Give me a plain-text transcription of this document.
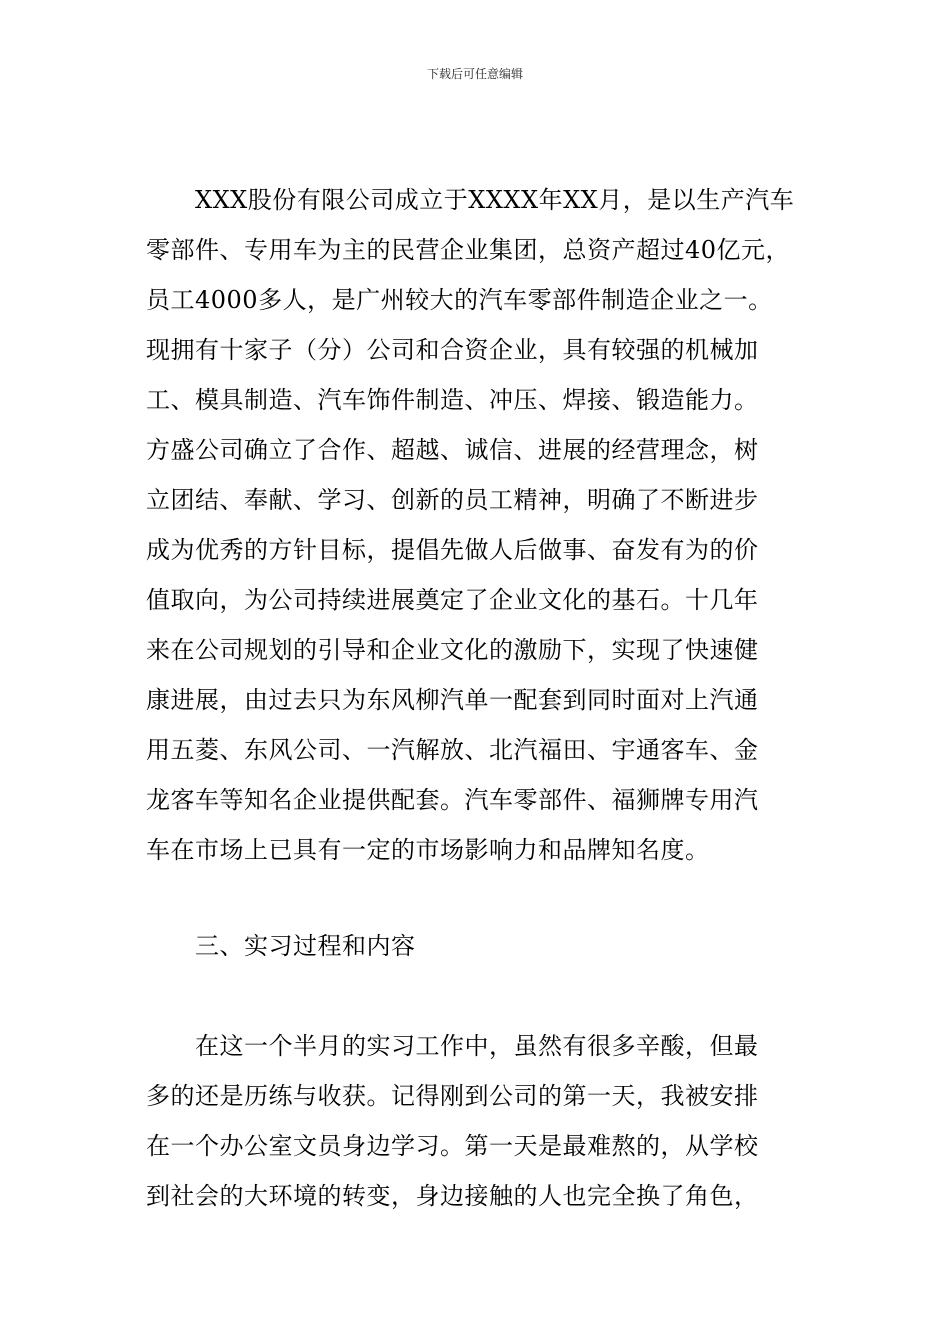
下载后可任意编辑
XXX股份有限公司成立于XXXX年XX月，是以生产汽车
零部件、专用车为主的民营企业集团，总资产超过40亿元，
员工4000多人，是广州较大的汽车零部件制造企业之一。
现拥有十家子（分）公司和合资企业，具有较强的机械加
工、模具制造、汽车饰件制造、冲压、焊接、锻造能力。
方盛公司确立了合作、超越、诚信、进展的经营理念，树
立团结、奉献、学习、创新的员工精神，明确了不断进步
成为优秀的方针目标，提倡先做人后做事、奋发有为的价
值取向，为公司持续进展奠定了企业文化的基石。十几年
来在公司规划的引导和企业文化的激励下，实现了快速健
康进展，由过去只为东风柳汽单一配套到同时面对上汽通
用五菱、东风公司、一汽解放、北汽福田、宇通客车、金
龙客车等知名企业提供配套。汽车零部件、福狮牌专用汽
车在市场上已具有一定的市场影响力和品牌知名度。
三、实习过程和内容
在这一个半月的实习工作中，虽然有很多辛酸，但最
多的还是历练与收获。记得刚到公司的第一天，我被安排
在一个办公室文员身边学习。第一天是最难熬的，从学校
到社会的大环境的转变，身边接触的人也完全换了角色，
